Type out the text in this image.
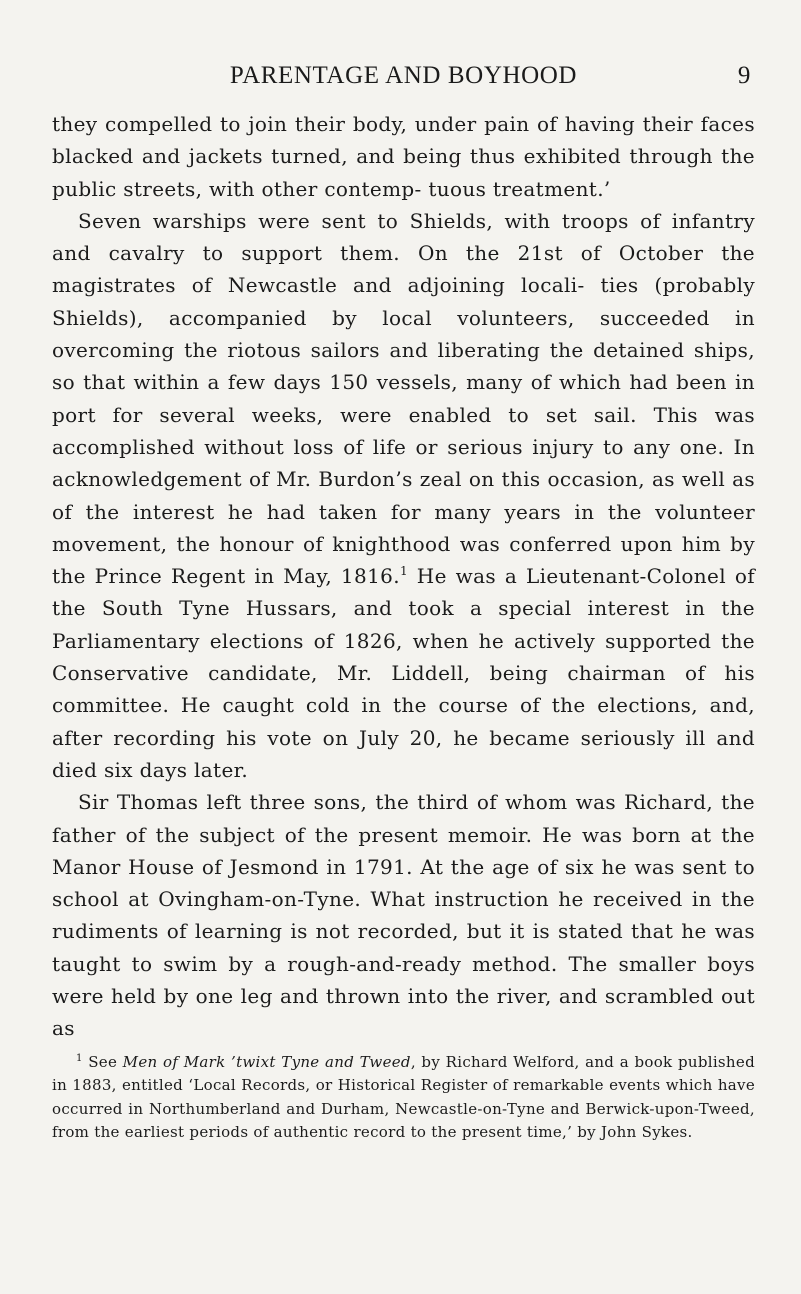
PARENTAGE AND BOYHOOD	9

they compelled to join their body, under pain of having their faces blacked and jackets turned, and being thus exhibited through the public streets, with other contemp- tuous treatment.’

Seven warships were sent to Shields, with troops of infantry and cavalry to support them. On the 21st of October the magistrates of Newcastle and adjoining locali- ties (probably Shields), accompanied by local volunteers, succeeded in overcoming the riotous sailors and liberating the detained ships, so that within a few days 150 vessels, many of which had been in port for several weeks, were enabled to set sail. This was accomplished without loss of life or serious injury to any one. In acknowledgement of Mr. Burdon’s zeal on this occasion, as well as of the interest he had taken for many years in the volunteer movement, the honour of knighthood was conferred upon him by the Prince Regent in May, 1816.$^1$ He was a Lieutenant-Colonel of the South Tyne Hussars, and took a special interest in the Parliamentary elections of 1826, when he actively supported the Conservative candidate, Mr. Liddell, being chairman of his committee. He caught cold in the course of the elections, and, after recording his vote on July 20, he became seriously ill and died six days later.

Sir Thomas left three sons, the third of whom was Richard, the father of the subject of the present memoir. He was born at the Manor House of Jesmond in 1791. At the age of six he was sent to school at Ovingham-on-Tyne. What instruction he received in the rudiments of learning is not recorded, but it is stated that he was taught to swim by a rough-and-ready method. The smaller boys were held by one leg and thrown into the river, and scrambled out as

$^1$ See Men of Mark ’twixt Tyne and Tweed, by Richard Welford, and a book published in 1883, entitled ‘Local Records, or Historical Register of remarkable events which have occurred in Northumberland and Durham, Newcastle-on-Tyne and Berwick-upon-Tweed, from the earliest periods of authentic record to the present time,’ by John Sykes.
